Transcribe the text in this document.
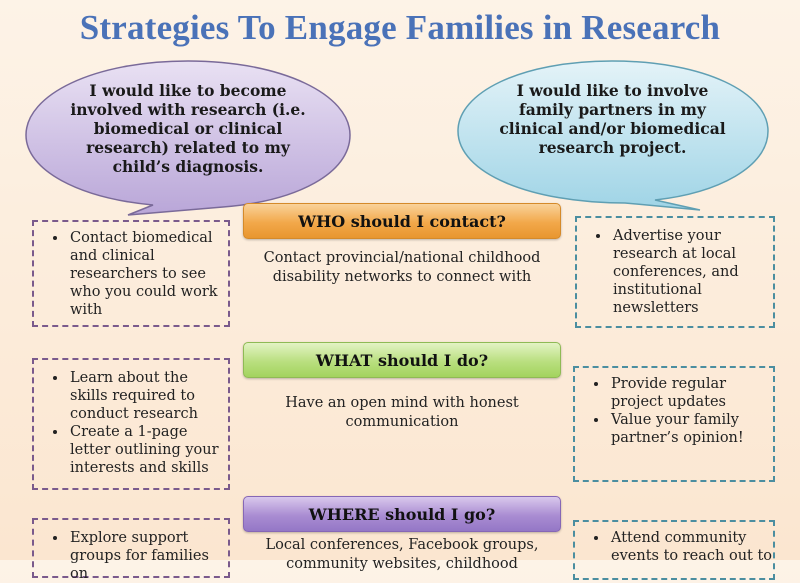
Strategies To Engage Families in Research
I would like to become
involved with research (i.e.
biomedical or clinical
research) related to my
child’s diagnosis.
I would like to involve
family partners in my
clinical and/or biomedical
research project.
• Contact biomedical and clinical researchers to see who you could work with
WHO should I contact?
Contact provincial/national childhood
disability networks to connect with
• Advertise your research at local conferences, and institutional newsletters
• Learn about the skills required to conduct research
• Create a 1-page letter outlining your interests and skills
WHAT should I do?
Have an open mind with honest
communication
• Provide regular project updates
• Value your family partner’s opinion!
• Explore support groups for families on
WHERE should I go?
Local conferences, Facebook groups,
community websites, childhood
• Attend community events to reach out to
